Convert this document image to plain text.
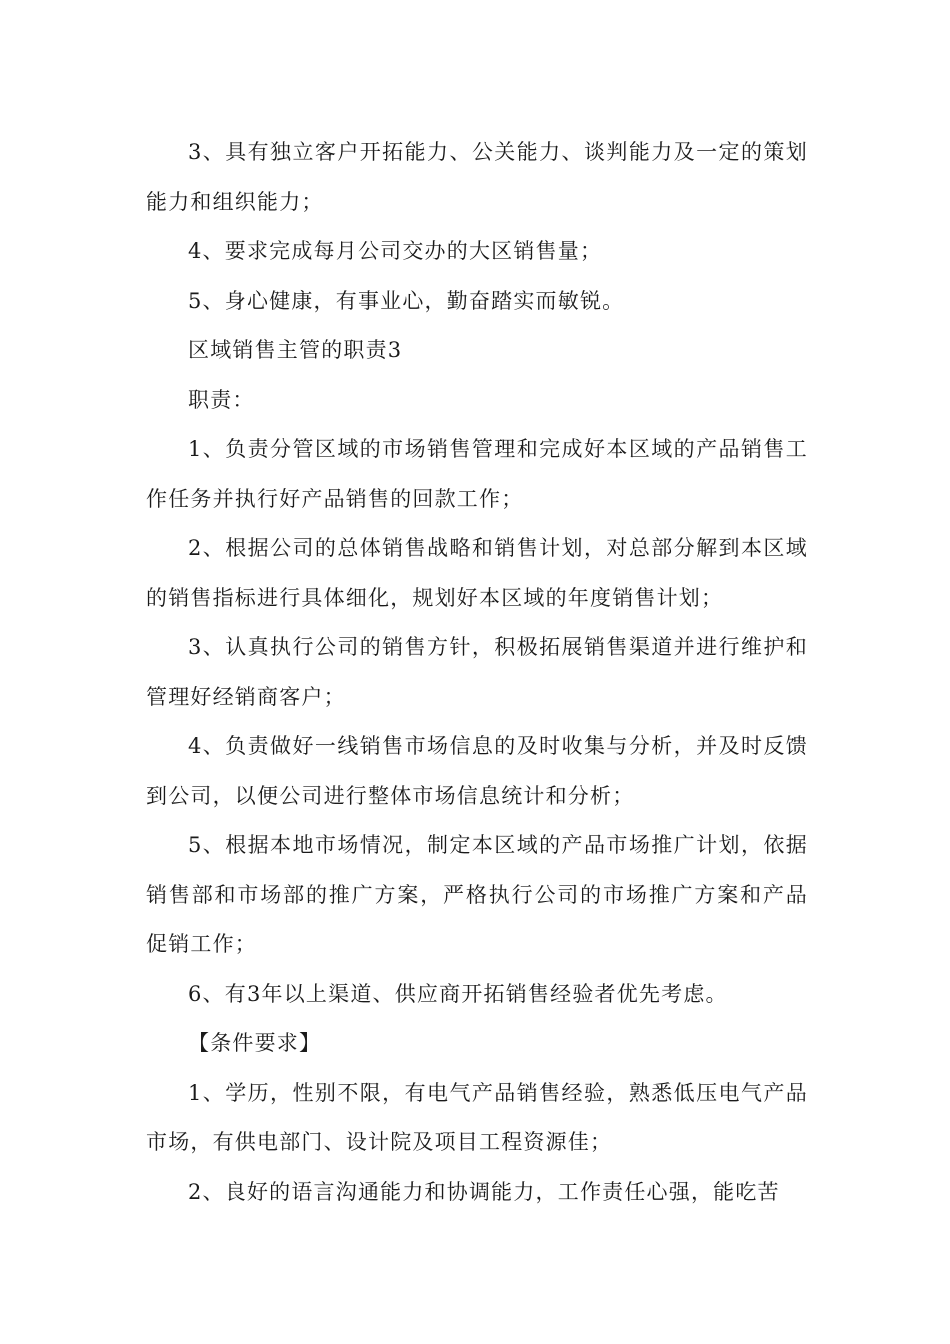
3、具有独立客户开拓能力、公关能力、谈判能力及一定的策划能力和组织能力；

4、要求完成每月公司交办的大区销售量；

5、身心健康，有事业心，勤奋踏实而敏锐。

区域销售主管的职责3

职责：

1、负责分管区域的市场销售管理和完成好本区域的产品销售工作任务并执行好产品销售的回款工作；

2、根据公司的总体销售战略和销售计划，对总部分解到本区域的销售指标进行具体细化，规划好本区域的年度销售计划；

3、认真执行公司的销售方针，积极拓展销售渠道并进行维护和管理好经销商客户；

4、负责做好一线销售市场信息的及时收集与分析，并及时反馈到公司，以便公司进行整体市场信息统计和分析；

5、根据本地市场情况，制定本区域的产品市场推广计划，依据销售部和市场部的推广方案，严格执行公司的市场推广方案和产品促销工作；

6、有3年以上渠道、供应商开拓销售经验者优先考虑。

【条件要求】

1、学历，性别不限，有电气产品销售经验，熟悉低压电气产品市场，有供电部门、设计院及项目工程资源佳；

2、良好的语言沟通能力和协调能力，工作责任心强，能吃苦
